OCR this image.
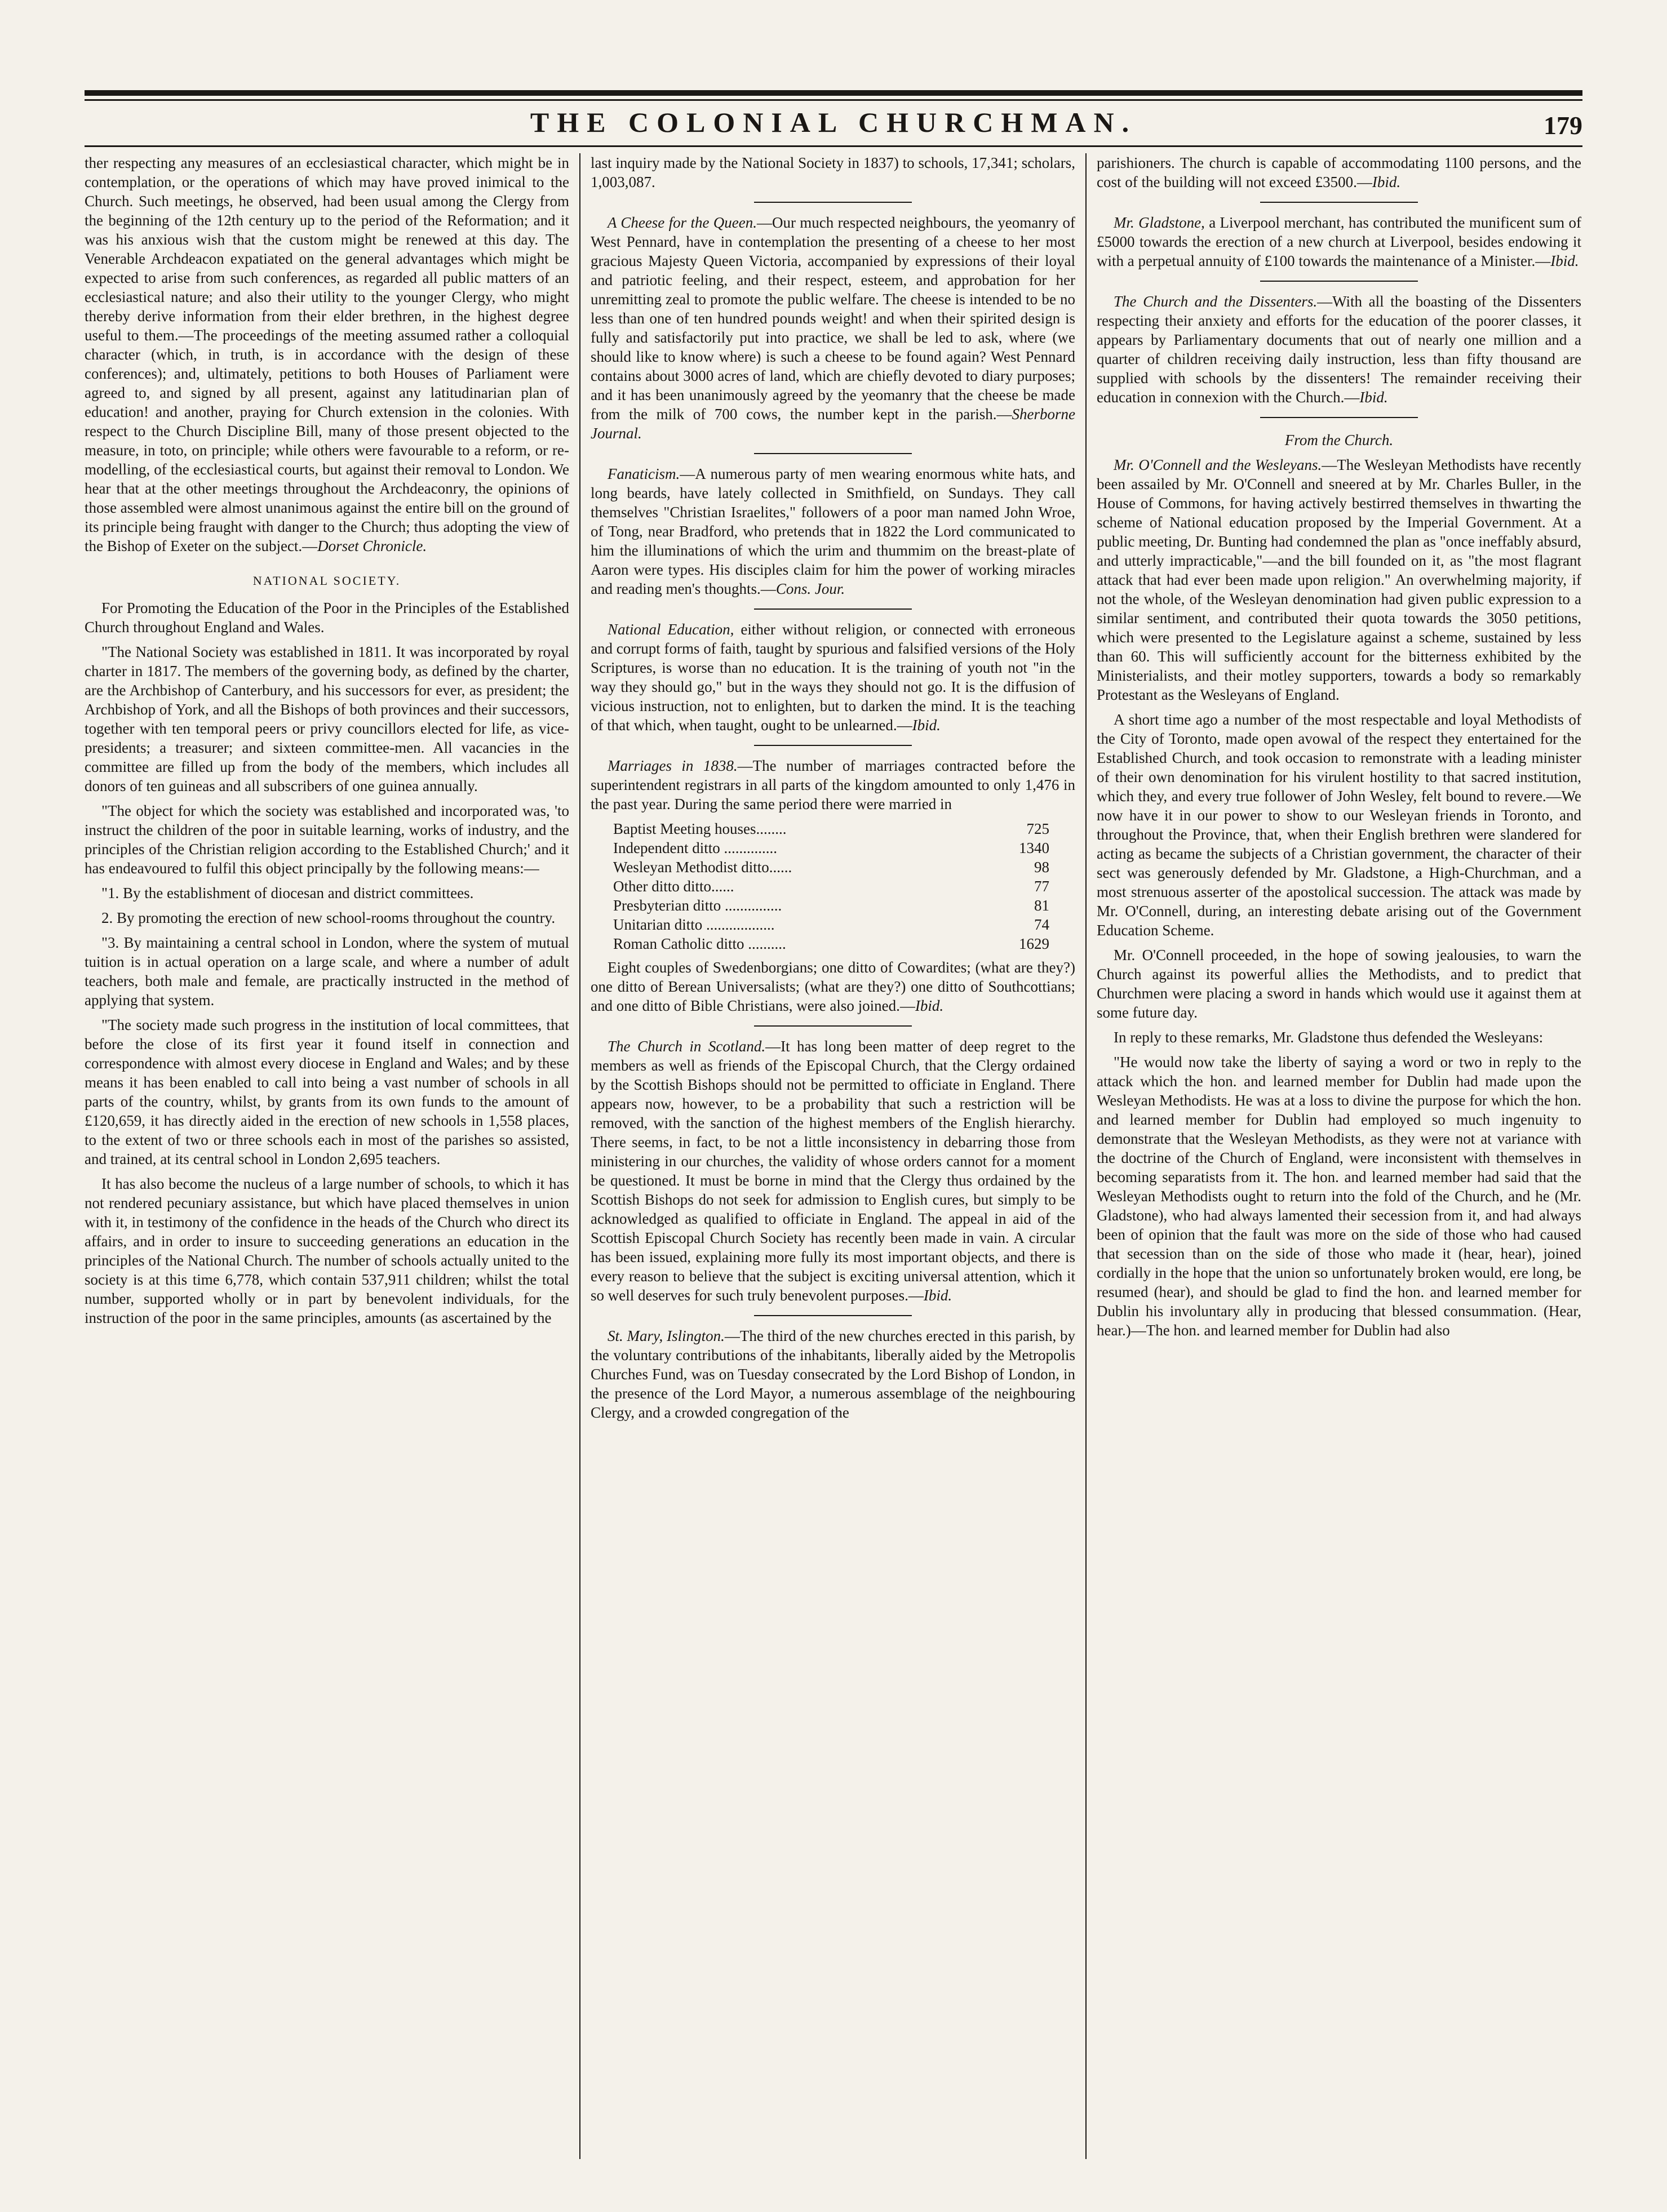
THE COLONIAL CHURCHMAN.	179

ther respecting any measures of an ecclesiastical character, which might be in contemplation, or the operations of which may have proved inimical to the Church. Such meetings, he observed, had been usual among the Clergy from the beginning of the 12th century up to the period of the Reformation; and it was his anxious wish that the custom might be renewed at this day. The Venerable Archdeacon expatiated on the general advantages which might be expected to arise from such conferences, as regarded all public matters of an ecclesiastical nature; and also their utility to the younger Clergy, who might thereby derive information from their elder brethren, in the highest degree useful to them.—The proceedings of the meeting assumed rather a colloquial character (which, in truth, is in accordance with the design of these conferences); and, ultimately, petitions to both Houses of Parliament were agreed to, and signed by all present, against any latitudinarian plan of education! and another, praying for Church extension in the colonies. With respect to the Church Discipline Bill, many of those present objected to the measure, in toto, on principle; while others were favourable to a reform, or re-modelling, of the ecclesiastical courts, but against their removal to London. We hear that at the other meetings throughout the Archdeaconry, the opinions of those assembled were almost unanimous against the entire bill on the ground of its principle being fraught with danger to the Church; thus adopting the view of the Bishop of Exeter on the subject.—Dorset Chronicle.

NATIONAL SOCIETY.

For Promoting the Education of the Poor in the Principles of the Established Church throughout England and Wales.

"The National Society was established in 1811. It was incorporated by royal charter in 1817. The members of the governing body, as defined by the charter, are the Archbishop of Canterbury, and his successors for ever, as president; the Archbishop of York, and all the Bishops of both provinces and their successors, together with ten temporal peers or privy councillors elected for life, as vice-presidents; a treasurer; and sixteen committee-men. All vacancies in the committee are filled up from the body of the members, which includes all donors of ten guineas and all subscribers of one guinea annually.

"The object for which the society was established and incorporated was, 'to instruct the children of the poor in suitable learning, works of industry, and the principles of the Christian religion according to the Established Church;' and it has endeavoured to fulfil this object principally by the following means:—

"1. By the establishment of diocesan and district committees.

2. By promoting the erection of new school-rooms throughout the country.

"3. By maintaining a central school in London, where the system of mutual tuition is in actual operation on a large scale, and where a number of adult teachers, both male and female, are practically instructed in the method of applying that system.

"The society made such progress in the institution of local committees, that before the close of its first year it found itself in connection and correspondence with almost every diocese in England and Wales; and by these means it has been enabled to call into being a vast number of schools in all parts of the country, whilst, by grants from its own funds to the amount of £120,659, it has directly aided in the erection of new schools in 1,558 places, to the extent of two or three schools each in most of the parishes so assisted, and trained, at its central school in London 2,695 teachers.

It has also become the nucleus of a large number of schools, to which it has not rendered pecuniary assistance, but which have placed themselves in union with it, in testimony of the confidence in the heads of the Church who direct its affairs, and in order to insure to succeeding generations an education in the principles of the National Church. The number of schools actually united to the society is at this time 6,778, which contain 537,911 children; whilst the total number, supported wholly or in part by benevolent individuals, for the instruction of the poor in the same principles, amounts (as ascertained by the

last inquiry made by the National Society in 1837) to schools, 17,341; scholars, 1,003,087.

A Cheese for the Queen.—Our much respected neighbours, the yeomanry of West Pennard, have in contemplation the presenting of a cheese to her most gracious Majesty Queen Victoria, accompanied by expressions of their loyal and patriotic feeling, and their respect, esteem, and approbation for her unremitting zeal to promote the public welfare. The cheese is intended to be no less than one of ten hundred pounds weight! and when their spirited design is fully and satisfactorily put into practice, we shall be led to ask, where (we should like to know where) is such a cheese to be found again? West Pennard contains about 3000 acres of land, which are chiefly devoted to diary purposes; and it has been unanimously agreed by the yeomanry that the cheese be made from the milk of 700 cows, the number kept in the parish.—Sherborne Journal.

Fanaticism.—A numerous party of men wearing enormous white hats, and long beards, have lately collected in Smithfield, on Sundays. They call themselves "Christian Israelites," followers of a poor man named John Wroe, of Tong, near Bradford, who pretends that in 1822 the Lord communicated to him the illuminations of which the urim and thummim on the breast-plate of Aaron were types. His disciples claim for him the power of working miracles and reading men's thoughts.—Cons. Jour.

National Education, either without religion, or connected with erroneous and corrupt forms of faith, taught by spurious and falsified versions of the Holy Scriptures, is worse than no education. It is the training of youth not "in the way they should go," but in the ways they should not go. It is the diffusion of vicious instruction, not to enlighten, but to darken the mind. It is the teaching of that which, when taught, ought to be unlearned.—Ibid.

Marriages in 1838.—The number of marriages contracted before the superintendent registrars in all parts of the kingdom amounted to only 1,476 in the past year. During the same period there were married in

Baptist Meeting houses........	725
Independent ditto ..............	1340
Wesleyan Methodist ditto......	98
Other ditto ditto......	77
Presbyterian ditto ...............	81
Unitarian ditto ..................	74
Roman Catholic ditto ..........	1629

Eight couples of Swedenborgians; one ditto of Cowardites; (what are they?) one ditto of Berean Universalists; (what are they?) one ditto of Southcottians; and one ditto of Bible Christians, were also joined.—Ibid.

The Church in Scotland.—It has long been matter of deep regret to the members as well as friends of the Episcopal Church, that the Clergy ordained by the Scottish Bishops should not be permitted to officiate in England. There appears now, however, to be a probability that such a restriction will be removed, with the sanction of the highest members of the English hierarchy. There seems, in fact, to be not a little inconsistency in debarring those from ministering in our churches, the validity of whose orders cannot for a moment be questioned. It must be borne in mind that the Clergy thus ordained by the Scottish Bishops do not seek for admission to English cures, but simply to be acknowledged as qualified to officiate in England. The appeal in aid of the Scottish Episcopal Church Society has recently been made in vain. A circular has been issued, explaining more fully its most important objects, and there is every reason to believe that the subject is exciting universal attention, which it so well deserves for such truly benevolent purposes.—Ibid.

St. Mary, Islington.—The third of the new churches erected in this parish, by the voluntary contributions of the inhabitants, liberally aided by the Metropolis Churches Fund, was on Tuesday consecrated by the Lord Bishop of London, in the presence of the Lord Mayor, a numerous assemblage of the neighbouring Clergy, and a crowded congregation of the

parishioners. The church is capable of accommodating 1100 persons, and the cost of the building will not exceed £3500.—Ibid.

Mr. Gladstone, a Liverpool merchant, has contributed the munificent sum of £5000 towards the erection of a new church at Liverpool, besides endowing it with a perpetual annuity of £100 towards the maintenance of a Minister.—Ibid.

The Church and the Dissenters.—With all the boasting of the Dissenters respecting their anxiety and efforts for the education of the poorer classes, it appears by Parliamentary documents that out of nearly one million and a quarter of children receiving daily instruction, less than fifty thousand are supplied with schools by the dissenters! The remainder receiving their education in connexion with the Church.—Ibid.

From the Church.

Mr. O'Connell and the Wesleyans.—The Wesleyan Methodists have recently been assailed by Mr. O'Connell and sneered at by Mr. Charles Buller, in the House of Commons, for having actively bestirred themselves in thwarting the scheme of National education proposed by the Imperial Government. At a public meeting, Dr. Bunting had condemned the plan as "once ineffably absurd, and utterly impracticable,"—and the bill founded on it, as "the most flagrant attack that had ever been made upon religion." An overwhelming majority, if not the whole, of the Wesleyan denomination had given public expression to a similar sentiment, and contributed their quota towards the 3050 petitions, which were presented to the Legislature against a scheme, sustained by less than 60. This will sufficiently account for the bitterness exhibited by the Ministerialists, and their motley supporters, towards a body so remarkably Protestant as the Wesleyans of England.

A short time ago a number of the most respectable and loyal Methodists of the City of Toronto, made open avowal of the respect they entertained for the Established Church, and took occasion to remonstrate with a leading minister of their own denomination for his virulent hostility to that sacred institution, which they, and every true follower of John Wesley, felt bound to revere.—We now have it in our power to show to our Wesleyan friends in Toronto, and throughout the Province, that, when their English brethren were slandered for acting as became the subjects of a Christian government, the character of their sect was generously defended by Mr. Gladstone, a High-Churchman, and a most strenuous asserter of the apostolical succession. The attack was made by Mr. O'Connell, during, an interesting debate arising out of the Government Education Scheme.

Mr. O'Connell proceeded, in the hope of sowing jealousies, to warn the Church against its powerful allies the Methodists, and to predict that Churchmen were placing a sword in hands which would use it against them at some future day.

In reply to these remarks, Mr. Gladstone thus defended the Wesleyans:

"He would now take the liberty of saying a word or two in reply to the attack which the hon. and learned member for Dublin had made upon the Wesleyan Methodists. He was at a loss to divine the purpose for which the hon. and learned member for Dublin had employed so much ingenuity to demonstrate that the Wesleyan Methodists, as they were not at variance with the doctrine of the Church of England, were inconsistent with themselves in becoming separatists from it. The hon. and learned member had said that the Wesleyan Methodists ought to return into the fold of the Church, and he (Mr. Gladstone), who had always lamented their secession from it, and had always been of opinion that the fault was more on the side of those who had caused that secession than on the side of those who made it (hear, hear), joined cordially in the hope that the union so unfortunately broken would, ere long, be resumed (hear), and should be glad to find the hon. and learned member for Dublin his involuntary ally in producing that blessed consummation. (Hear, hear.)—The hon. and learned member for Dublin had also
